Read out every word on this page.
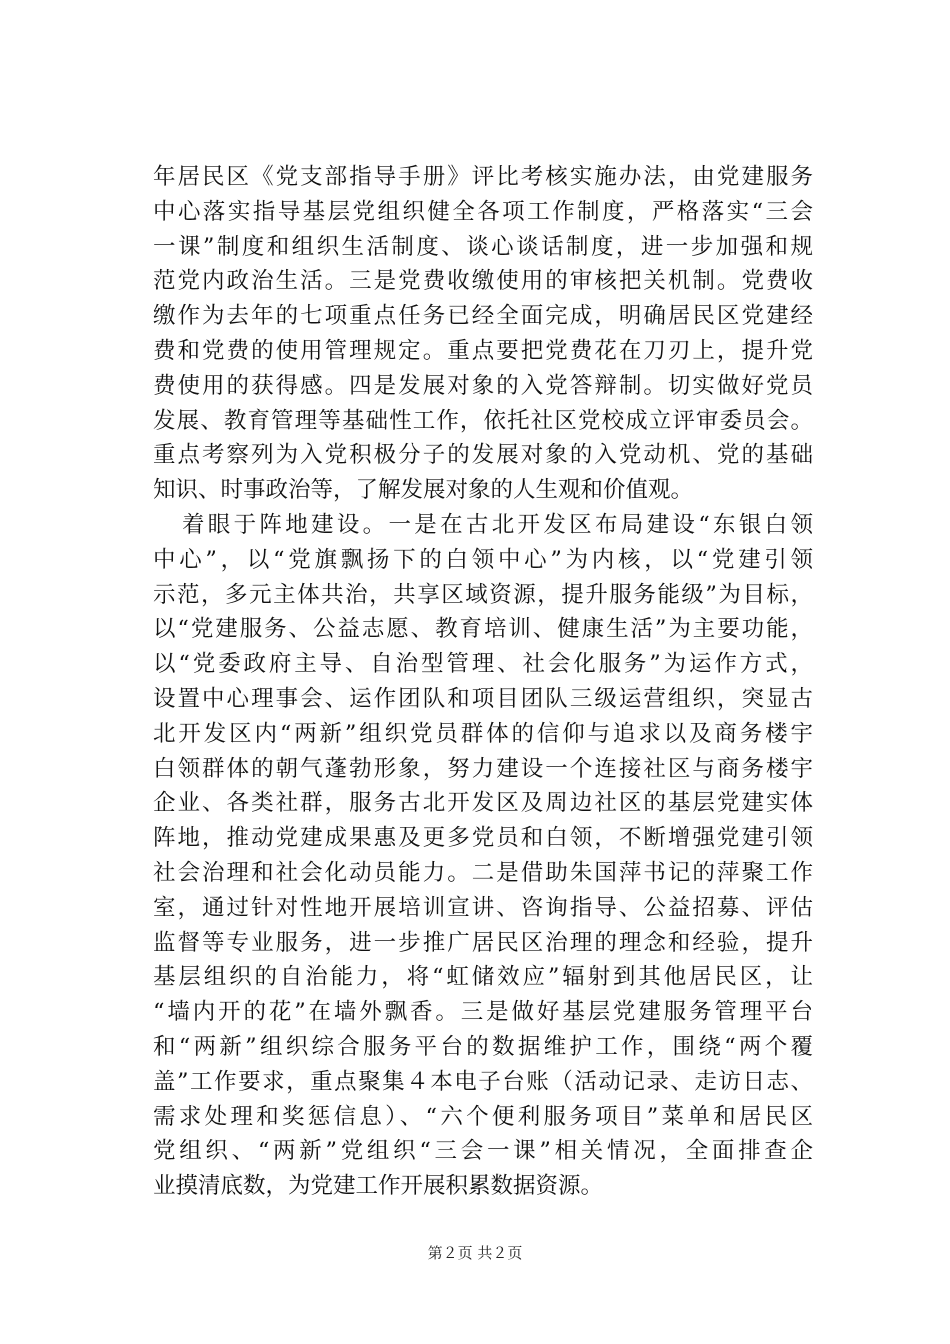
年居民区《党支部指导手册》评比考核实施办法，由党建服务
中心落实指导基层党组织健全各项工作制度，严格落实“三会
一课”制度和组织生活制度、谈心谈话制度，进一步加强和规
范党内政治生活。三是党费收缴使用的审核把关机制。党费收
缴作为去年的七项重点任务已经全面完成，明确居民区党建经
费和党费的使用管理规定。重点要把党费花在刀刃上，提升党
费使用的获得感。四是发展对象的入党答辩制。切实做好党员
发展、教育管理等基础性工作，依托社区党校成立评审委员会。
重点考察列为入党积极分子的发展对象的入党动机、党的基础
知识、时事政治等，了解发展对象的人生观和价值观。
着眼于阵地建设。一是在古北开发区布局建设“东银白领
中心”，以“党旗飘扬下的白领中心”为内核，以“党建引领
示范，多元主体共治，共享区域资源，提升服务能级”为目标，
以“党建服务、公益志愿、教育培训、健康生活”为主要功能，
以“党委政府主导、自治型管理、社会化服务”为运作方式，
设置中心理事会、运作团队和项目团队三级运营组织，突显古
北开发区内“两新”组织党员群体的信仰与追求以及商务楼宇
白领群体的朝气蓬勃形象，努力建设一个连接社区与商务楼宇
企业、各类社群，服务古北开发区及周边社区的基层党建实体
阵地，推动党建成果惠及更多党员和白领，不断增强党建引领
社会治理和社会化动员能力。二是借助朱国萍书记的萍聚工作
室，通过针对性地开展培训宣讲、咨询指导、公益招募、评估
监督等专业服务，进一步推广居民区治理的理念和经验，提升
基层组织的自治能力，将“虹储效应”辐射到其他居民区，让
“墙内开的花”在墙外飘香。三是做好基层党建服务管理平台
和“两新”组织综合服务平台的数据维护工作，围绕“两个覆
盖”工作要求，重点聚集４本电子台账（活动记录、走访日志、
需求处理和奖惩信息）、“六个便利服务项目”菜单和居民区
党组织、“两新”党组织“三会一课”相关情况，全面排查企
业摸清底数，为党建工作开展积累数据资源。
第２页 共２页
